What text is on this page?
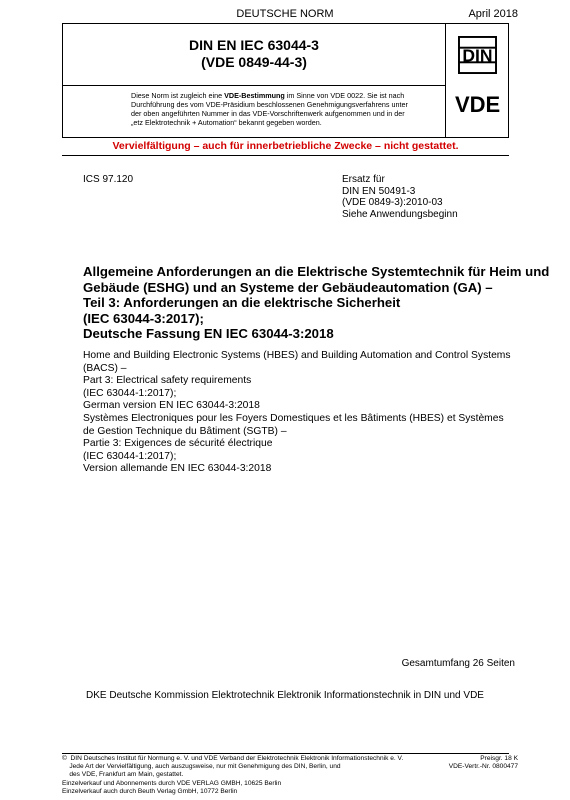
DEUTSCHE NORM	April 2018
DIN EN IEC 63044-3
(VDE 0849-44-3)
Diese Norm ist zugleich eine VDE-Bestimmung im Sinne von VDE 0022. Sie ist nach
Durchführung des vom VDE-Präsidium beschlossenen Genehmigungsverfahrens unter
der oben angeführten Nummer in das VDE-Vorschriftenwerk aufgenommen und in der
„etz Elektrotechnik + Automation“ bekannt gegeben worden.
DIN
VDE
Vervielfältigung – auch für innerbetriebliche Zwecke – nicht gestattet.
ICS 97.120	Ersatz für
DIN EN 50491-3
(VDE 0849-3):2010-03
Siehe Anwendungsbeginn
Allgemeine Anforderungen an die Elektrische Systemtechnik für Heim und
Gebäude (ESHG) und an Systeme der Gebäudeautomation (GA) –
Teil 3: Anforderungen an die elektrische Sicherheit
(IEC 63044-3:2017);
Deutsche Fassung EN IEC 63044-3:2018
Home and Building Electronic Systems (HBES) and Building Automation and Control Systems
(BACS) –
Part 3: Electrical safety requirements
(IEC 63044-1:2017);
German version EN IEC 63044-3:2018
Systèmes Electroniques pour les Foyers Domestiques et les Bâtiments (HBES) et Systèmes
de Gestion Technique du Bâtiment (SGTB) –
Partie 3: Exigences de sécurité électrique
(IEC 63044-1:2017);
Version allemande EN IEC 63044-3:2018
Gesamtumfang 26 Seiten
DKE Deutsche Kommission Elektrotechnik Elektronik Informationstechnik in DIN und VDE
©  DIN Deutsches Institut für Normung e. V. und VDE Verband der Elektrotechnik Elektronik Informationstechnik e. V.
Jede Art der Vervielfältigung, auch auszugsweise, nur mit Genehmigung des DIN, Berlin, und
des VDE, Frankfurt am Main, gestattet.
Einzelverkauf und Abonnements durch VDE VERLAG GMBH, 10625 Berlin
Einzelverkauf auch durch Beuth Verlag GmbH, 10772 Berlin
Preisgr. 18 K
VDE-Vertr.-Nr. 0800477
